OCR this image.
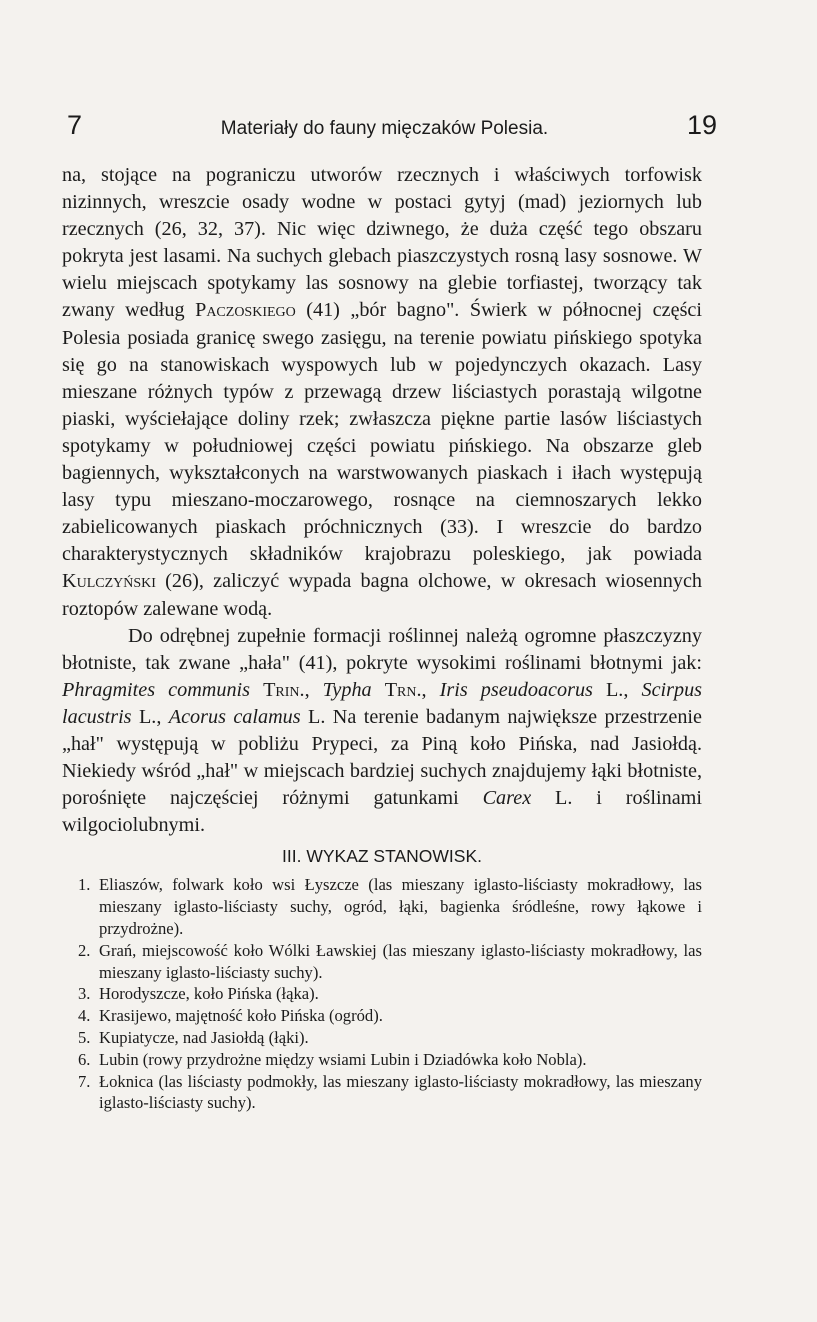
7	Materiały do fauny mięczaków Polesia.	19

na, stojące na pograniczu utworów rzecznych i właściwych torfowisk nizinnych, wreszcie osady wodne w postaci gytyj (mad) jeziornych lub rzecznych (26, 32, 37). Nic więc dziwnego, że duża część tego obszaru pokryta jest lasami. Na suchych glebach piaszczystych rosną lasy sosnowe. W wielu miejscach spotykamy las sosnowy na glebie torfiastej, tworzący tak zwany według Paczoskiego (41) „bór bagno". Świerk w północnej części Polesia posiada granicę swego zasięgu, na terenie powiatu pińskiego spotyka się go na stanowiskach wyspowych lub w pojedynczych okazach. Lasy mieszane różnych typów z przewagą drzew liściastych porastają wilgotne piaski, wyściełające doliny rzek; zwłaszcza piękne partie lasów liściastych spotykamy w południowej części powiatu pińskiego. Na obszarze gleb bagiennych, wykształconych na warstwowanych piaskach i iłach występują lasy typu mieszano-moczarowego, rosnące na ciemnoszarych lekko zabielicowanych piaskach próchnicznych (33). I wreszcie do bardzo charakterystycznych składników krajobrazu poleskiego, jak powiada Kulczyński (26), zaliczyć wypada bagna olchowe, w okresach wiosennych roztopów zalewane wodą.

Do odrębnej zupełnie formacji roślinnej należą ogromne płaszczyzny błotniste, tak zwane „hała" (41), pokryte wysokimi roślinami błotnymi jak: Phragmites communis Trin., Typha Trn., Iris pseudoacorus L., Scirpus lacustris L., Acorus calamus L. Na terenie badanym największe przestrzenie „hał" występują w pobliżu Prypeci, za Piną koło Pińska, nad Jasiołdą. Niekiedy wśród „hał" w miejscach bardziej suchych znajdujemy łąki błotniste, porośnięte najczęściej różnymi gatunkami Carex L. i roślinami wilgociolubnymi.

III. WYKAZ STANOWISK.
1. Eliaszów, folwark koło wsi Łyszcze (las mieszany iglasto-liściasty mokradłowy, las mieszany iglasto-liściasty suchy, ogród, łąki, bagienka śródleśne, rowy łąkowe i przydrożne).
2. Grań, miejscowość koło Wólki Ławskiej (las mieszany iglasto-liściasty mokradłowy, las mieszany iglasto-liściasty suchy).
3. Horodyszcze, koło Pińska (łąka).
4. Krasijewo, majętność koło Pińska (ogród).
5. Kupiatycze, nad Jasiołdą (łąki).
6. Lubin (rowy przydrożne między wsiami Lubin i Dziadówka koło Nobla).
7. Łoknica (las liściasty podmokły, las mieszany iglasto-liściasty mokradłowy, las mieszany iglasto-liściasty suchy).
